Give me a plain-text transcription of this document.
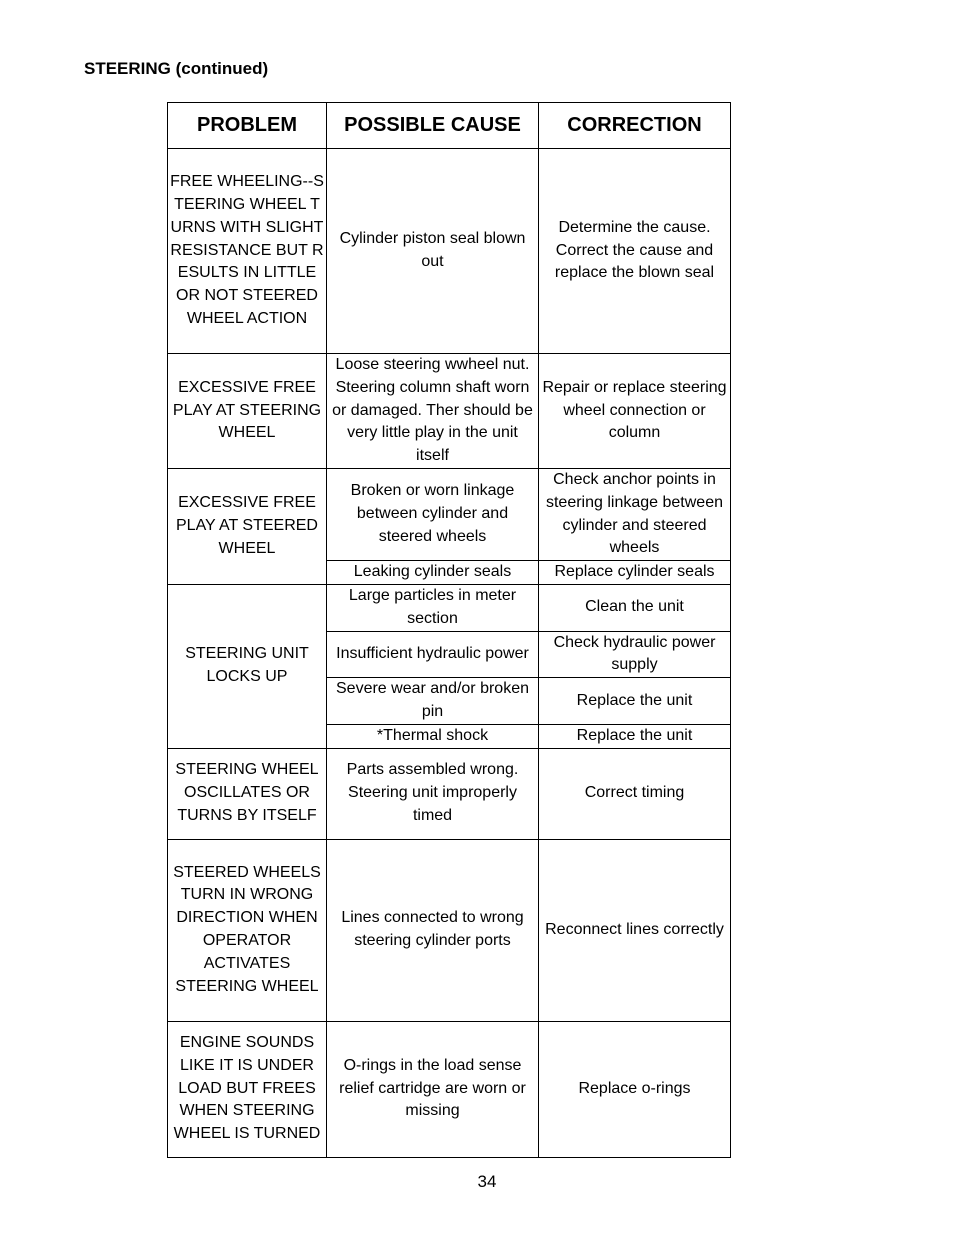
STEERING (continued)
PROBLEM	POSSIBLE CAUSE	CORRECTION
FREE WHEELING--STEERING WHEEL TURNS WITH SLIGHT RESISTANCE BUT RESULTS IN LITTLE OR NOT STEERED WHEEL ACTION	Cylinder piston seal blown out	Determine the cause. Correct the cause and replace the blown seal
EXCESSIVE FREE PLAY AT STEERING WHEEL	Loose steering wwheel nut. Steering column shaft worn or damaged. Ther should be very little play in the unit itself	Repair or replace steering wheel connection or column
EXCESSIVE FREE PLAY AT STEERED WHEEL	Broken or worn linkage between cylinder and steered wheels	Check anchor points in steering linkage between cylinder and steered wheels
	Leaking cylinder seals	Replace cylinder seals
STEERING UNIT LOCKS UP	Large particles in meter section	Clean the unit
	Insufficient hydraulic power	Check hydraulic power supply
	Severe wear and/or broken pin	Replace the unit
	*Thermal shock	Replace the unit
STEERING WHEEL OSCILLATES OR TURNS BY ITSELF	Parts assembled wrong. Steering unit improperly timed	Correct timing
STEERED WHEELS TURN IN WRONG DIRECTION WHEN OPERATOR ACTIVATES STEERING WHEEL	Lines connected to wrong steering cylinder ports	Reconnect lines correctly
ENGINE SOUNDS LIKE IT IS UNDER LOAD BUT FREES WHEN STEERING WHEEL IS TURNED	O-rings in the load sense relief cartridge are worn or missing	Replace o-rings
34
